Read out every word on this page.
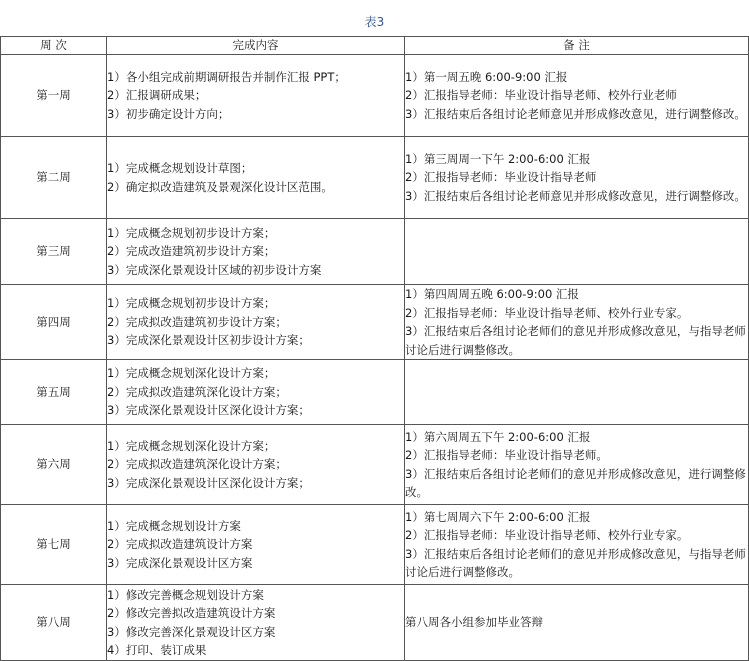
表3
周 次	完成内容	备 注
第一周	1）各小组完成前期调研报告并制作汇报 PPT；
2）汇报调研成果；
3）初步确定设计方向；	1）第一周五晚 6:00-9:00 汇报
2）汇报指导老师：毕业设计指导老师、校外行业老师
3）汇报结束后各组讨论老师意见并形成修改意见，进行调整修改。

第二周	1）完成概念规划设计草图；
2）确定拟改造建筑及景观深化设计区范围。	1）第三周周一下午 2:00-6:00 汇报
2）汇报指导老师：毕业设计指导老师
3）汇报结束后各组讨论老师意见并形成修改意见，进行调整修改。

第三周	1）完成概念规划初步设计方案；
2）完成改造建筑初步设计方案；
3）完成深化景观设计区域的初步设计方案	

第四周	1）完成概念规划初步设计方案；
2）完成拟改造建筑初步设计方案；
3）完成深化景观设计区初步设计方案；	1）第四周周五晚 6:00-9:00 汇报
2）汇报指导老师：毕业设计指导老师、校外行业专家。
3）汇报结束后各组讨论老师们的意见并形成修改意见，与指导老师讨论后进行调整修改。

第五周	1）完成概念规划深化设计方案；
2）完成拟改造建筑深化设计方案；
3）完成深化景观设计区深化设计方案；	

第六周	1）完成概念规划深化设计方案；
2）完成拟改造建筑深化设计方案；
3）完成深化景观设计区深化设计方案；	1）第六周周五下午 2:00-6:00 汇报
2）汇报指导老师：毕业设计指导老师。
3）汇报结束后各组讨论老师们的意见并形成修改意见，进行调整修改。

第七周	1）完成概念规划设计方案
2）完成拟改造建筑设计方案
3）完成深化景观设计区方案	1）第七周周六下午 2:00-6:00 汇报
2）汇报指导老师：毕业设计指导老师、校外行业专家。
3）汇报结束后各组讨论老师们的意见并形成修改意见，与指导老师讨论后进行调整修改。

第八周	1）修改完善概念规划设计方案
2）修改完善拟改造建筑设计方案
3）修改完善深化景观设计区方案
4）打印、装订成果	第八周各小组参加毕业答辩
